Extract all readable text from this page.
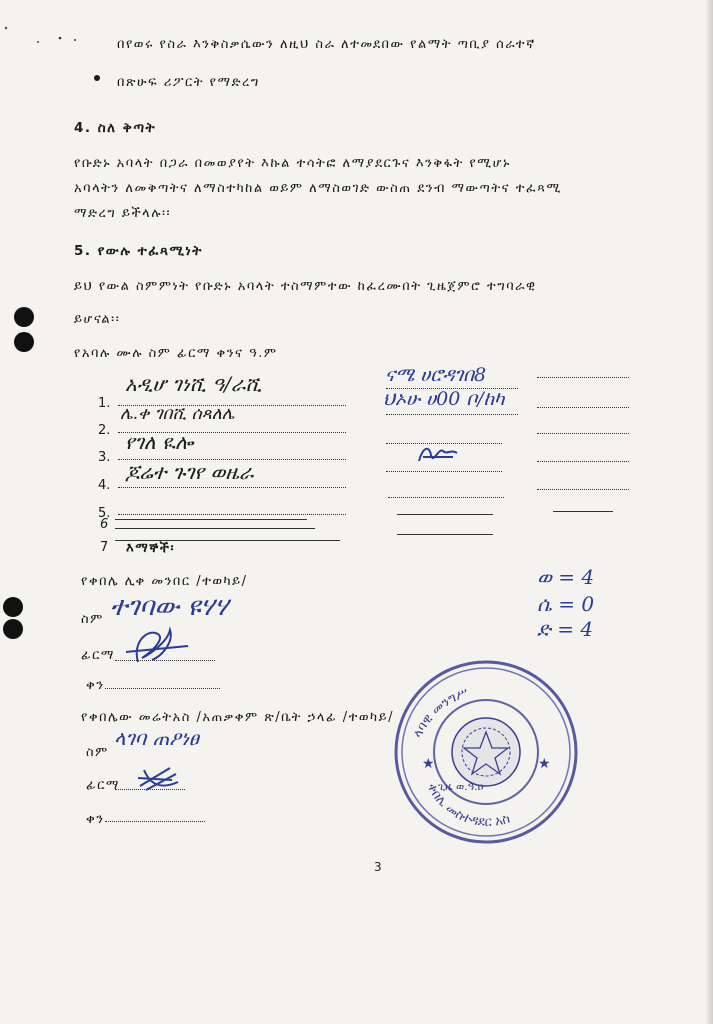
በየወሩ የስራ እንቅስቃሴውን ለዚህ ስራ ለተመደበው የልማት ጣቢያ ሰራተኛ
በጽሁፍ ሪፖርት የማድረግ
4. ስለ ቅጣት
የቡድኑ አባላት በጋራ በመወያየት እኩል ተሳትፎ ለማያደርጉና እንቅፋት የሚሆኑ
አባላትን ለመቅጣትና ለማስተካከል ወይም ለማስወገድ ውስጠ ደንብ ማውጣትና ተፈጻሚ
ማድረግ ይችላሉ፡፡
5. የውሉ ተፈጻሚነት
ይህ የውል ስምምነት የቡድኑ አባላት ተስማምተው ከፈረሙበት ጊዜጀምሮ ተግባራዊ
ይሆናል፡፡
የአባሉ ሙሉ ስም ፊርማ ቀንና ዓ.ም
1.
2.
3.
4.
5.
አዲሆ ገነሺ ዓ/ራሺ
ሌ.ቀ ገበሺ ሰጻለሌ
የገለ ዪሎ
ጆሬተ ጉገየ ወዜራ
ናሜ ሀሮዳገበ8
ህኦሁ ሀ00 ቦ/ከካ
6
7 እማኞች፡
ወ = 4
ሴ = 0
ድ = 4
የቀበሌ ሊቀ መንበር /ተወካይ/
ስም ተገባው ዩሃሃ
ፊርማ
ቀን
የቀበሌው መሬትአስ /አጠቃቀም ጽ/ቤት ኃላፊ /ተወካይ/
ስም
ላገባ ጠዖነፀ
ፊርማ
ቀን
ላባዊ መንግሥ
ቀበሌ መስተዳደር አስ
ጊዜ ወ.ዓ.ዐ
★	★
3
